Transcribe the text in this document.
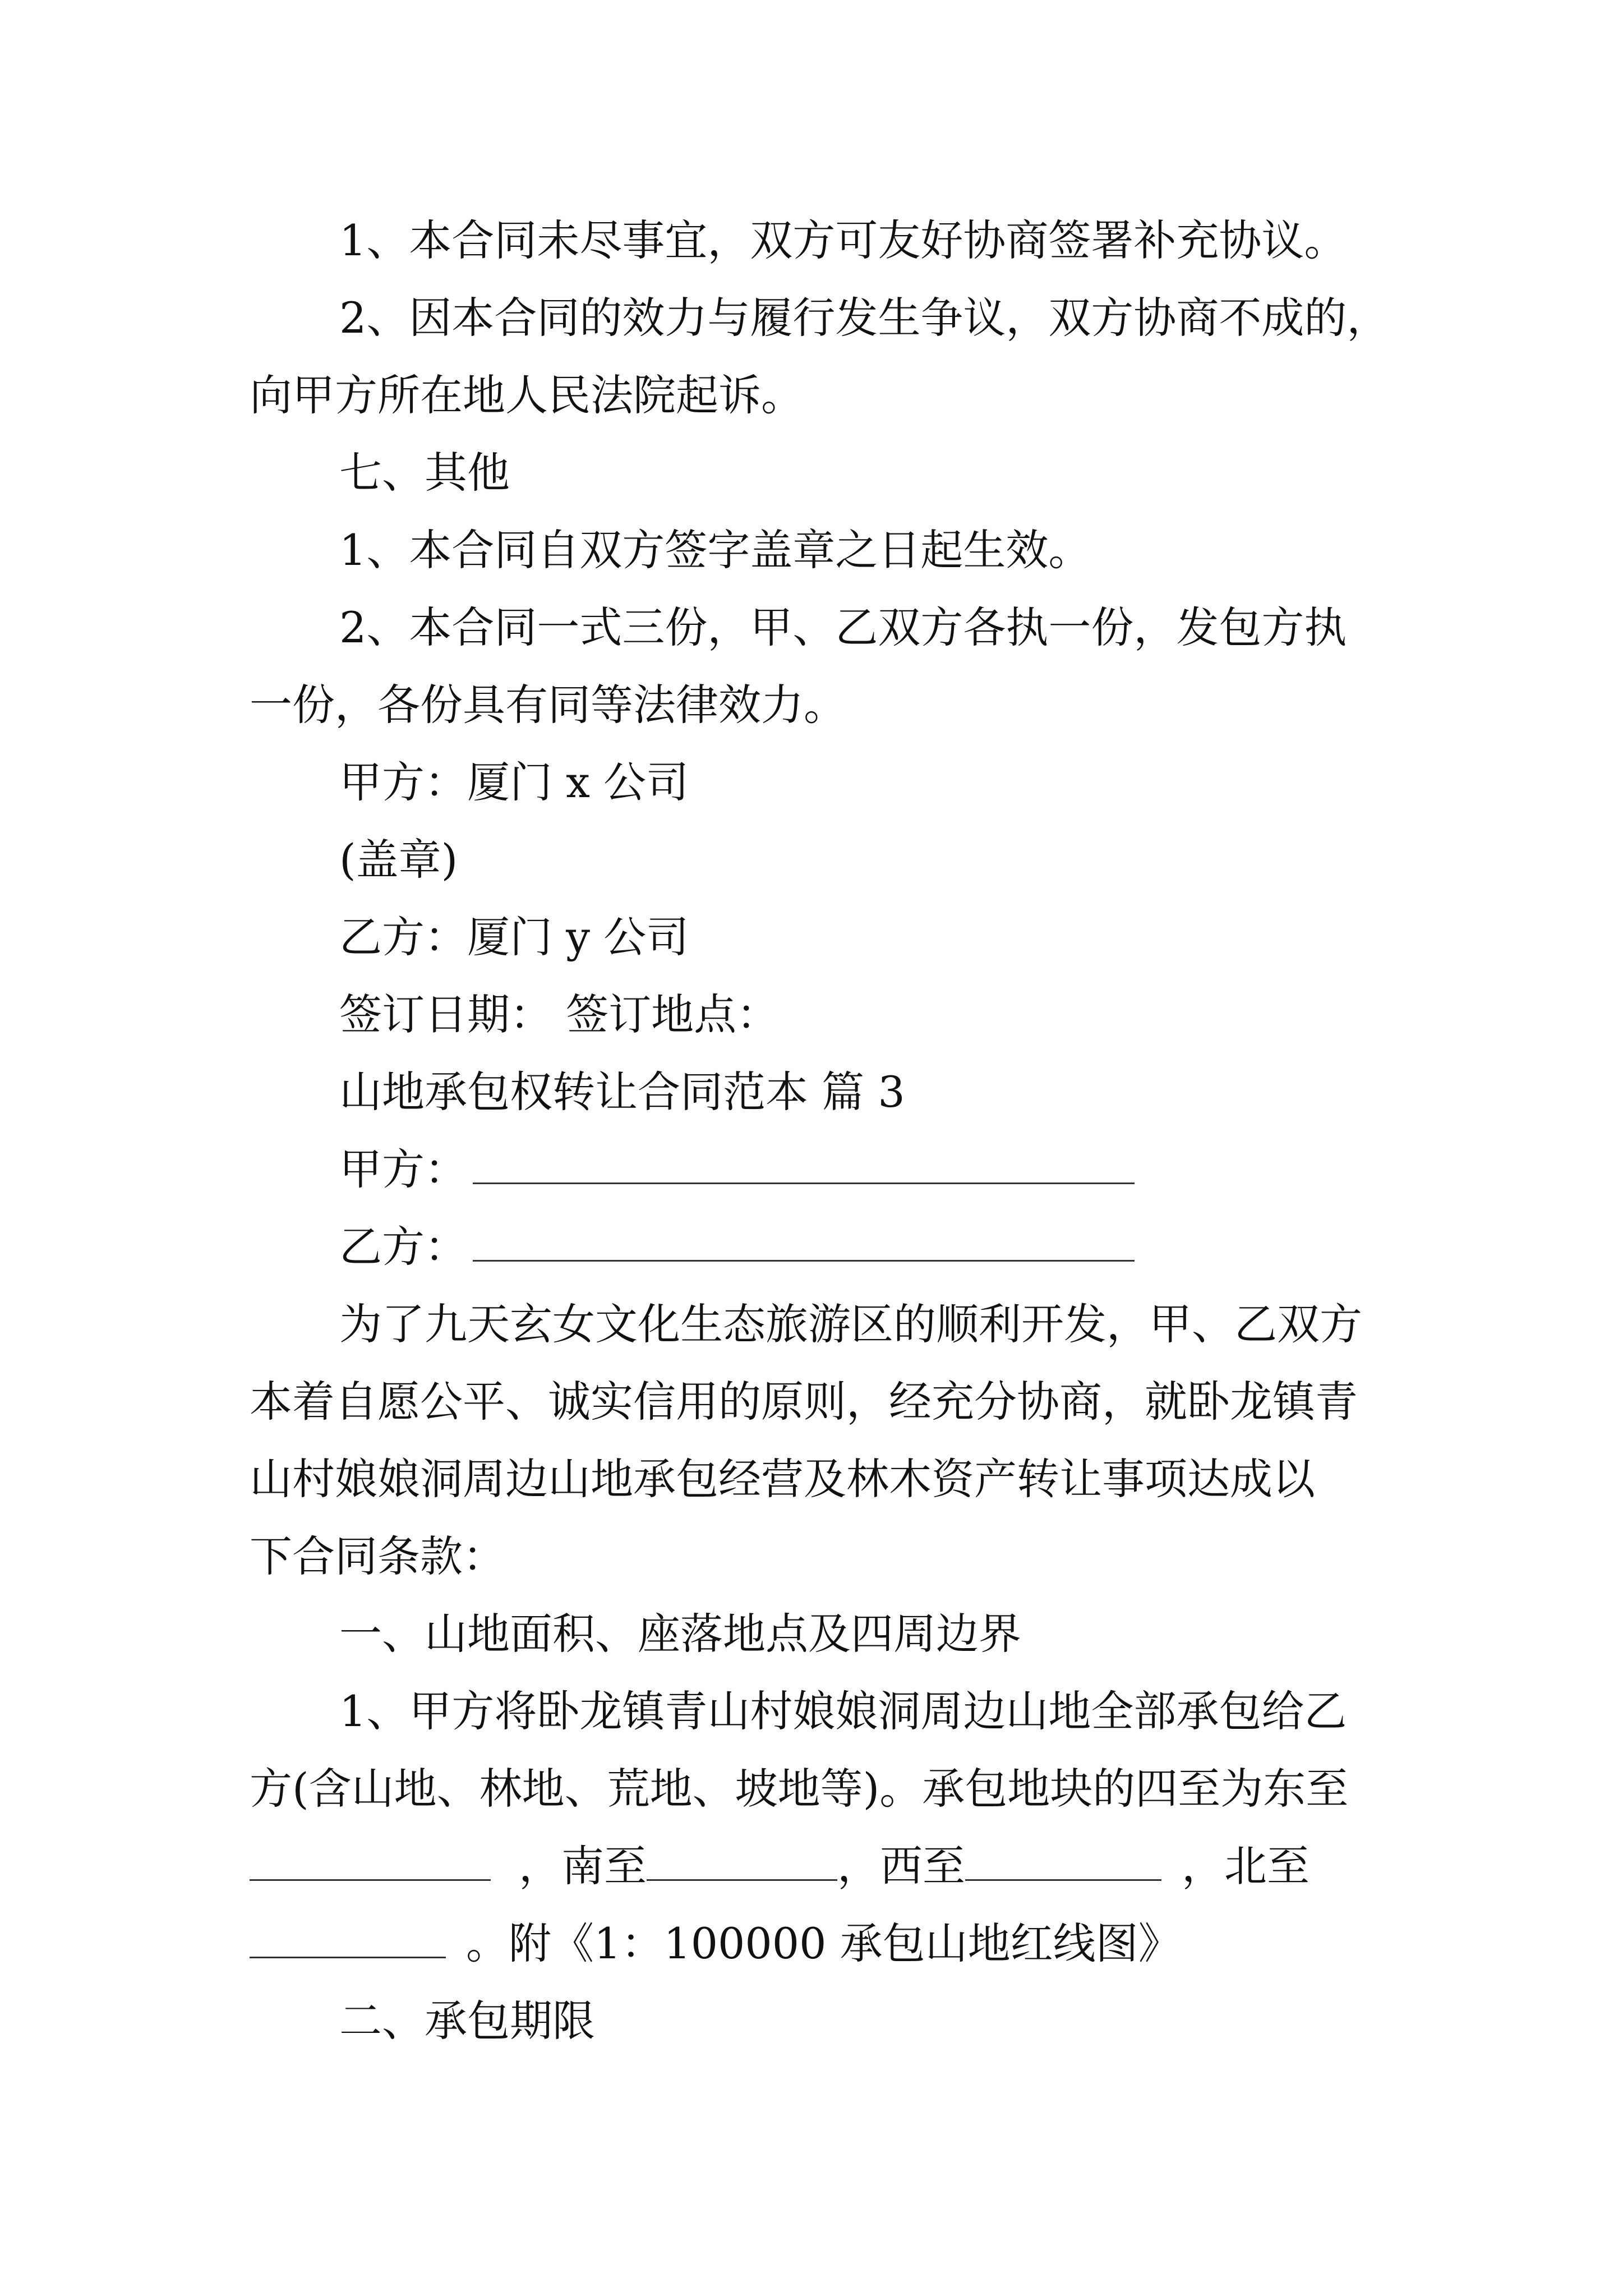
1、本合同未尽事宜，双方可友好协商签署补充协议。

2、因本合同的效力与履行发生争议，双方协商不成的，

向甲方所在地人民法院起诉。

七、其他

1、本合同自双方签字盖章之日起生效。

2、本合同一式三份，甲、乙双方各执一份，发包方执

一份，各份具有同等法律效力。

甲方：厦门 x 公司

(盖章)

乙方：厦门 y 公司

签订日期： 签订地点：

山地承包权转让合同范本 篇 3

甲方：

乙方：

为了九天玄女文化生态旅游区的顺利开发，甲、乙双方

本着自愿公平、诚实信用的原则，经充分协商，就卧龙镇青

山村娘娘洞周边山地承包经营及林木资产转让事项达成以

下合同条款：

一、山地面积、座落地点及四周边界

1、甲方将卧龙镇青山村娘娘洞周边山地全部承包给乙

方(含山地、林地、荒地、坡地等)。承包地块的四至为东至

，南至	，西至	，北至

。附《1：100000 承包山地红线图》

二、承包期限
